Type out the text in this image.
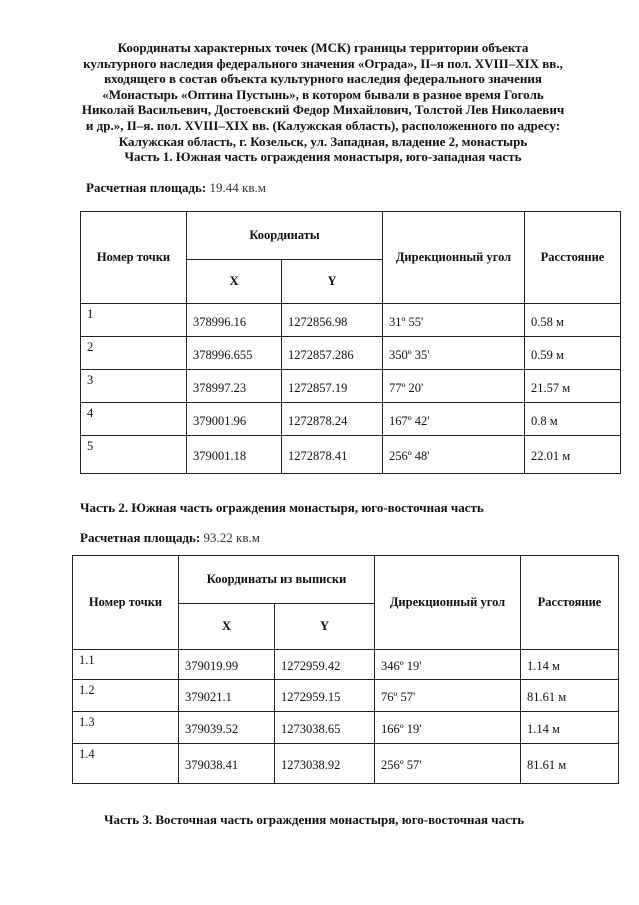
Координаты характерных точек (МСК) границы территории объекта
культурного наследия федерального значения «Ограда», II–я пол. XVIII–XIX вв.,
входящего в состав объекта культурного наследия федерального значения
«Монастырь «Оптина Пустынь», в котором бывали в разное время Гоголь
Николай Васильевич, Достоевский Федор Михайлович, Толстой Лев Николаевич
и др.», II–я. пол. XVIII–XIX вв. (Калужская область), расположенного по адресу:
Калужская область, г. Козельск, ул. Западная, владение 2, монастырь
Часть 1. Южная часть ограждения монастыря, юго-западная часть
Расчетная площадь: 19.44 кв.м
Номер точки	Координаты		Дирекционный угол	Расстояние
	X	Y		
1	378996.16	1272856.98	31º 55'	0.58 м
2	378996.655	1272857.286	350º 35'	0.59 м
3	378997.23	1272857.19	77º 20'	21.57 м
4	379001.96	1272878.24	167º 42'	0.8 м
5	379001.18	1272878.41	256º 48'	22.01 м
Часть 2. Южная часть ограждения монастыря, юго-восточная часть
Расчетная площадь: 93.22 кв.м
Номер точки	Координаты из выписки		Дирекционный угол	Расстояние
	X	Y		
1.1	379019.99	1272959.42	346º 19'	1.14 м
1.2	379021.1	1272959.15	76º 57'	81.61 м
1.3	379039.52	1273038.65	166º 19'	1.14 м
1.4	379038.41	1273038.92	256º 57'	81.61 м
Часть 3. Восточная часть ограждения монастыря, юго-восточная часть
